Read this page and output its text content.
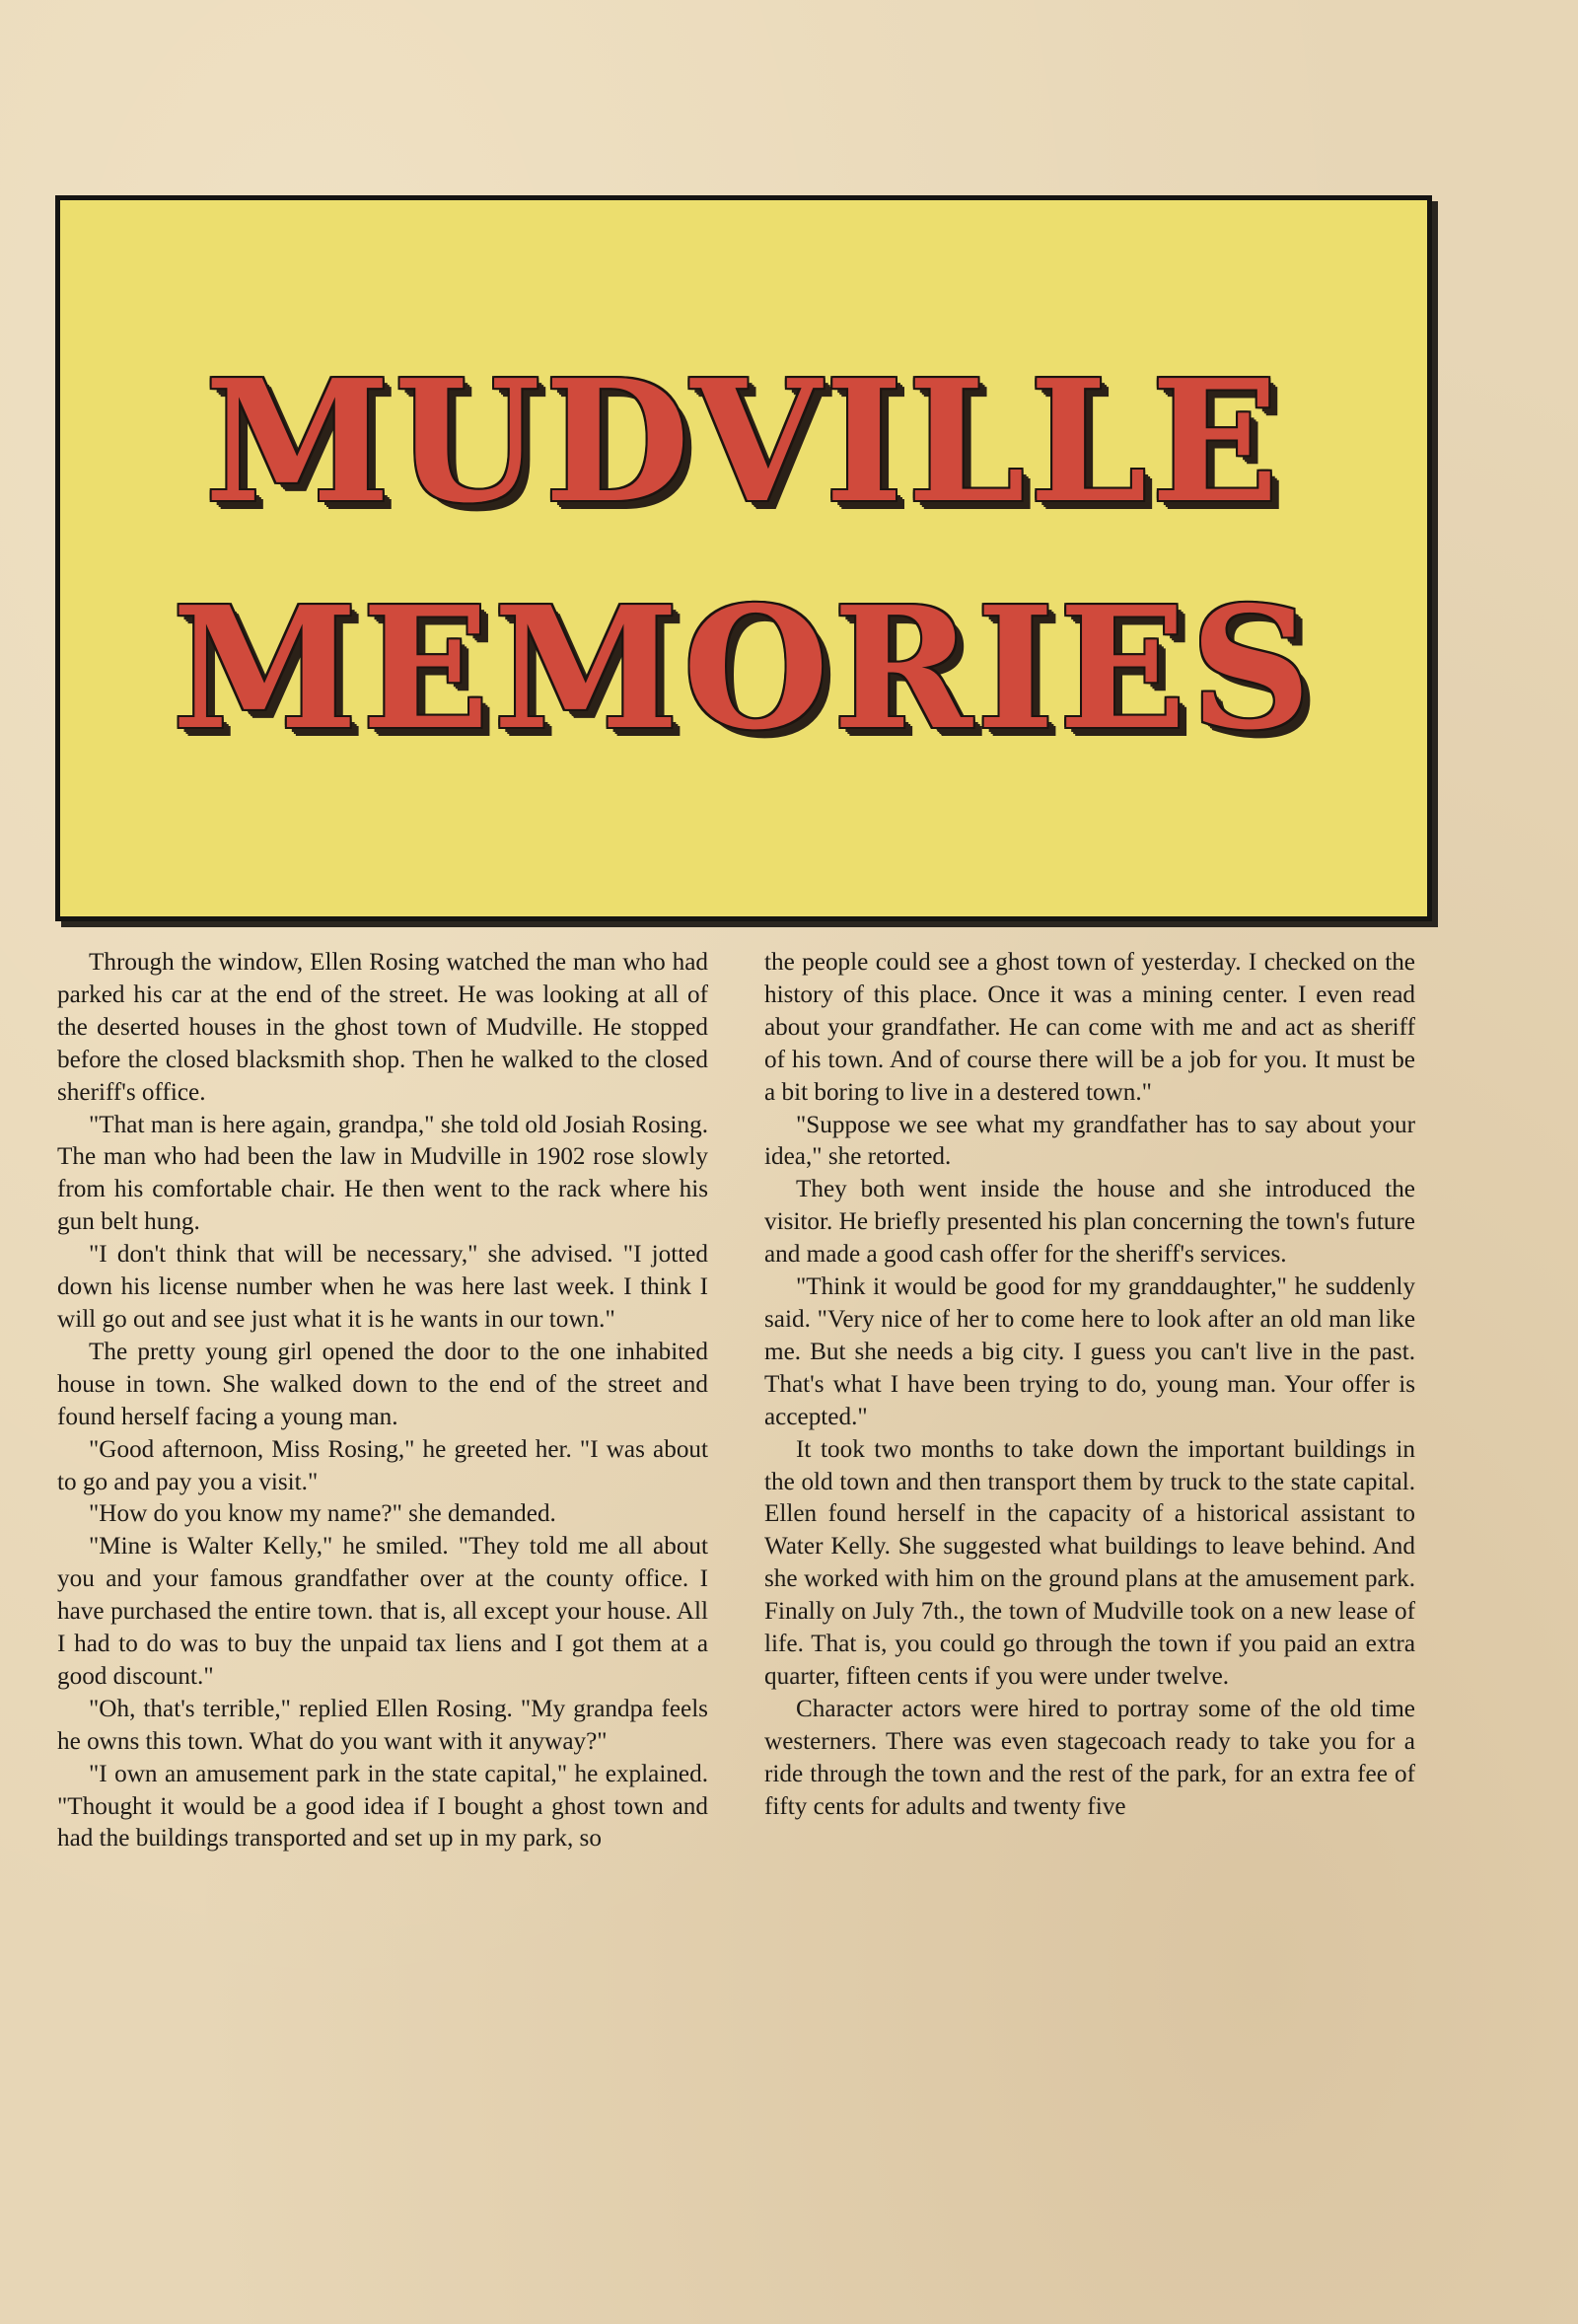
MUDVILLE
MEMORIES

Through the window, Ellen Rosing watched the man who had parked his car at the end of the street. He was looking at all of the deserted houses in the ghost town of Mudville. He stopped before the closed blacksmith shop. Then he walked to the closed sheriff's office.

"That man is here again, grandpa," she told old Josiah Rosing. The man who had been the law in Mudville in 1902 rose slowly from his comfortable chair. He then went to the rack where his gun belt hung.

"I don't think that will be necessary," she advised. "I jotted down his license number when he was here last week. I think I will go out and see just what it is he wants in our town."

The pretty young girl opened the door to the one inhabited house in town. She walked down to the end of the street and found herself facing a young man.

"Good afternoon, Miss Rosing," he greeted her. "I was about to go and pay you a visit."

"How do you know my name?" she demanded.

"Mine is Walter Kelly," he smiled. "They told me all about you and your famous grandfather over at the county office. I have purchased the entire town. that is, all except your house. All I had to do was to buy the unpaid tax liens and I got them at a good discount."

"Oh, that's terrible," replied Ellen Rosing. "My grandpa feels he owns this town. What do you want with it anyway?"

"I own an amusement park in the state capital," he explained. "Thought it would be a good idea if I bought a ghost town and had the buildings transported and set up in my park, so

the people could see a ghost town of yesterday. I checked on the history of this place. Once it was a mining center. I even read about your grandfather. He can come with me and act as sheriff of his town. And of course there will be a job for you. It must be a bit boring to live in a destered town."

"Suppose we see what my grandfather has to say about your idea," she retorted.

They both went inside the house and she introduced the visitor. He briefly presented his plan concerning the town's future and made a good cash offer for the sheriff's services.

"Think it would be good for my granddaughter," he suddenly said. "Very nice of her to come here to look after an old man like me. But she needs a big city. I guess you can't live in the past. That's what I have been trying to do, young man. Your offer is accepted."

It took two months to take down the important buildings in the old town and then transport them by truck to the state capital. Ellen found herself in the capacity of a historical assistant to Water Kelly. She suggested what buildings to leave behind. And she worked with him on the ground plans at the amusement park. Finally on July 7th., the town of Mudville took on a new lease of life. That is, you could go through the town if you paid an extra quarter, fifteen cents if you were under twelve.

Character actors were hired to portray some of the old time westerners. There was even stagecoach ready to take you for a ride through the town and the rest of the park, for an extra fee of fifty cents for adults and twenty five
